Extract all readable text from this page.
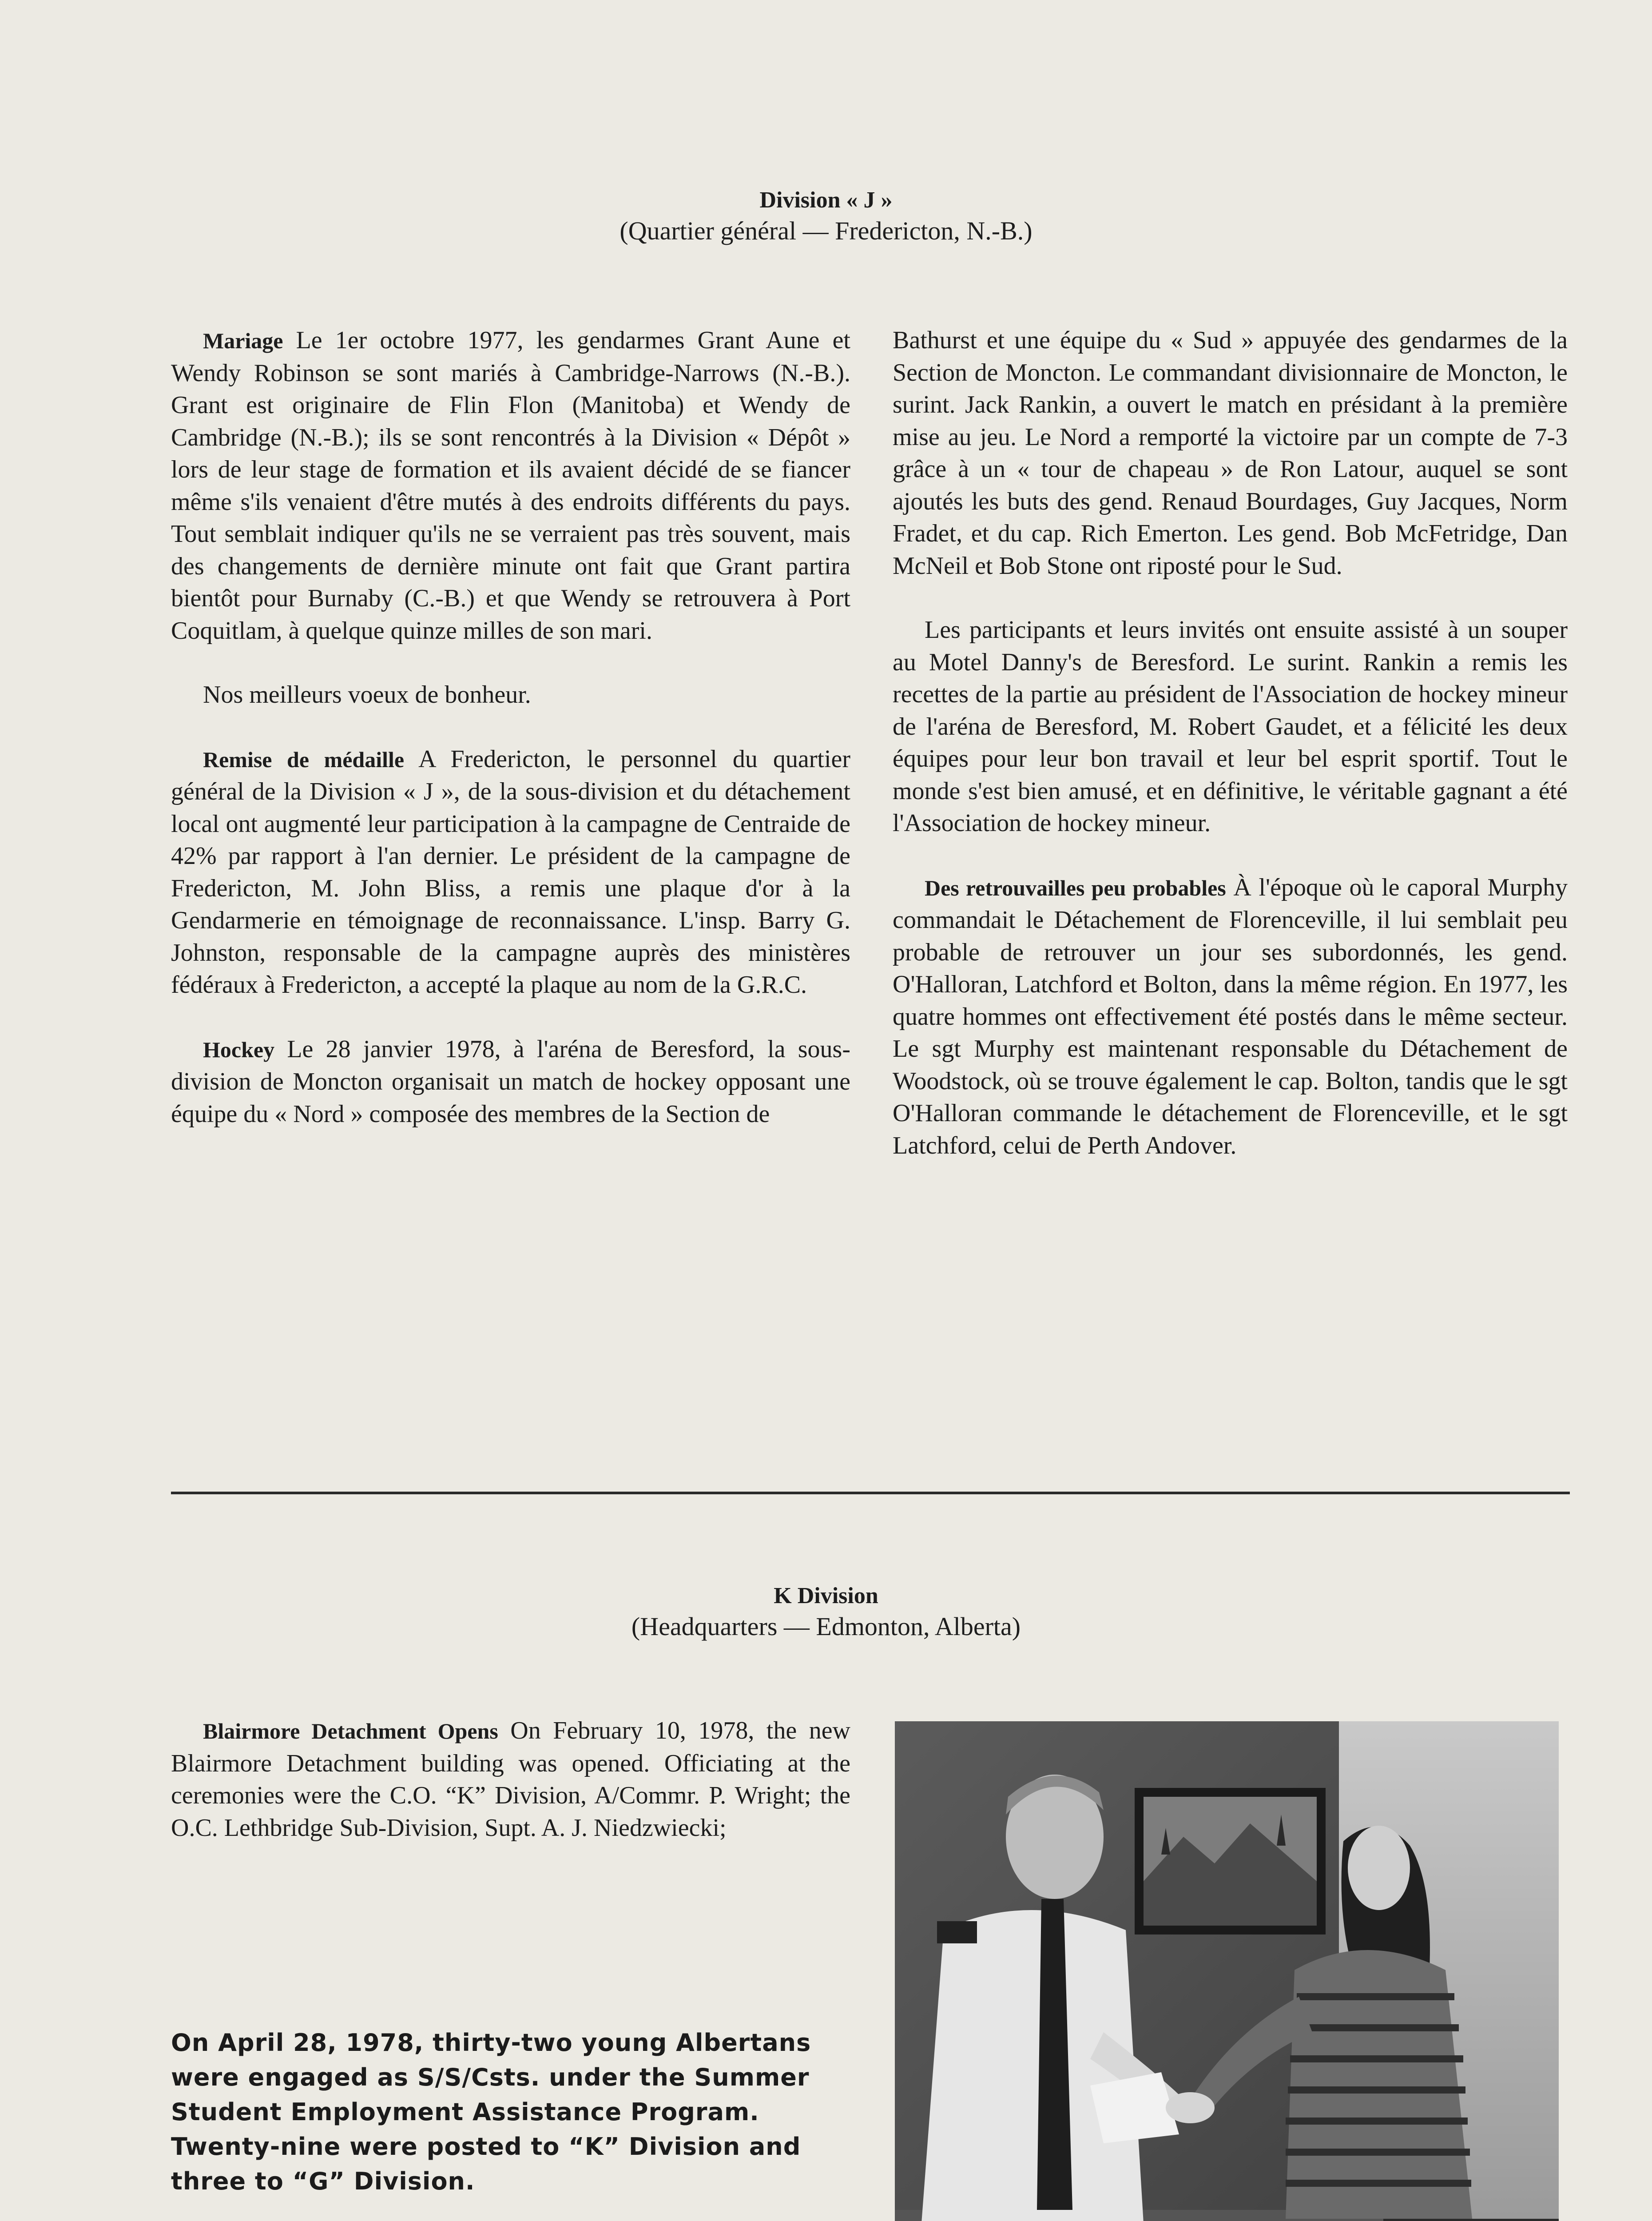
Division « J »
(Quartier général — Fredericton, N.-B.)

Mariage Le 1er octobre 1977, les gendarmes Grant Aune et Wendy Robinson se sont mariés à Cambridge-Narrows (N.-B.). Grant est originaire de Flin Flon (Manitoba) et Wendy de Cambridge (N.-B.); ils se sont rencontrés à la Division « Dépôt » lors de leur stage de formation et ils avaient décidé de se fiancer même s'ils venaient d'être mutés à des endroits différents du pays. Tout semblait indiquer qu'ils ne se verraient pas très souvent, mais des changements de dernière minute ont fait que Grant partira bientôt pour Burnaby (C.-B.) et que Wendy se retrouvera à Port Coquitlam, à quelque quinze milles de son mari.

Nos meilleurs voeux de bonheur.

Remise de médaille A Fredericton, le personnel du quartier général de la Division « J », de la sous-division et du détachement local ont augmenté leur participation à la campagne de Centraide de 42% par rapport à l'an dernier. Le président de la campagne de Fredericton, M. John Bliss, a remis une plaque d'or à la Gendarmerie en témoignage de reconnaissance. L'insp. Barry G. Johnston, responsable de la campagne auprès des ministères fédéraux à Fredericton, a accepté la plaque au nom de la G.R.C.

Hockey Le 28 janvier 1978, à l'aréna de Beresford, la sous-division de Moncton organisait un match de hockey opposant une équipe du « Nord » composée des membres de la Section de

Bathurst et une équipe du « Sud » appuyée des gendarmes de la Section de Moncton. Le commandant divisionnaire de Moncton, le surint. Jack Rankin, a ouvert le match en présidant à la première mise au jeu. Le Nord a remporté la victoire par un compte de 7-3 grâce à un « tour de chapeau » de Ron Latour, auquel se sont ajoutés les buts des gend. Renaud Bourdages, Guy Jacques, Norm Fradet, et du cap. Rich Emerton. Les gend. Bob McFetridge, Dan McNeil et Bob Stone ont riposté pour le Sud.

Les participants et leurs invités ont ensuite assisté à un souper au Motel Danny's de Beresford. Le surint. Rankin a remis les recettes de la partie au président de l'Association de hockey mineur de l'aréna de Beresford, M. Robert Gaudet, et a félicité les deux équipes pour leur bon travail et leur bel esprit sportif. Tout le monde s'est bien amusé, et en définitive, le véritable gagnant a été l'Association de hockey mineur.

Des retrouvailles peu probables À l'époque où le caporal Murphy commandait le Détachement de Florenceville, il lui semblait peu probable de retrouver un jour ses subordonnés, les gend. O'Halloran, Latchford et Bolton, dans la même région. En 1977, les quatre hommes ont effectivement été postés dans le même secteur. Le sgt Murphy est maintenant responsable du Détachement de Woodstock, où se trouve également le cap. Bolton, tandis que le sgt O'Halloran commande le détachement de Florenceville, et le sgt Latchford, celui de Perth Andover.

K Division
(Headquarters — Edmonton, Alberta)

Blairmore Detachment Opens On February 10, 1978, the new Blairmore Detachment building was opened. Officiating at the ceremonies were the C.O. “K” Division, A/Commr. P. Wright; the O.C. Lethbridge Sub-Division, Supt. A. J. Niedzwiecki;

On April 28, 1978, thirty-two young Albertans were engaged as S/S/Csts. under the Summer Student Employment Assistance Program. Twenty-nine were posted to “K” Division and three to “G” Division.
